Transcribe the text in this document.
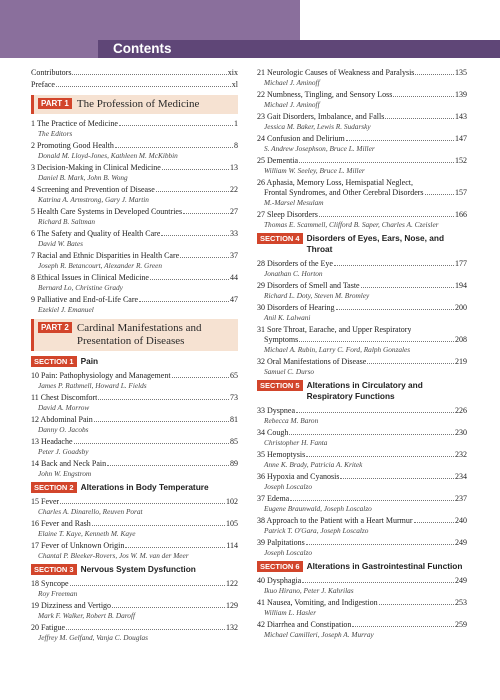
Contents
Contributors	xix
Preface	xl
PART 1 The Profession of Medicine
1 The Practice of Medicine	1
The Editors
2 Promoting Good Health	8
Donald M. Lloyd-Jones, Kathleen M. McKibbin
3 Decision-Making in Clinical Medicine	13
Daniel B. Mark, John B. Wong
4 Screening and Prevention of Disease	22
Katrina A. Armstrong, Gary J. Martin
5 Health Care Systems in Developed Countries	27
Richard B. Saltman
6 The Safety and Quality of Health Care	33
David W. Bates
7 Racial and Ethnic Disparities in Health Care	37
Joseph R. Betancourt, Alexander R. Green
8 Ethical Issues in Clinical Medicine	44
Bernard Lo, Christine Grady
9 Palliative and End-of-Life Care	47
Ezekiel J. Emanuel
PART 2 Cardinal Manifestations and Presentation of Diseases
SECTION 1 Pain
10 Pain: Pathophysiology and Management	65
James P. Rathmell, Howard L. Fields
11 Chest Discomfort	73
David A. Morrow
12 Abdominal Pain	81
Danny O. Jacobs
13 Headache	85
Peter J. Goadsby
14 Back and Neck Pain	89
John W. Engstrom
SECTION 2 Alterations in Body Temperature
15 Fever	102
Charles A. Dinarello, Reuven Porat
16 Fever and Rash	105
Elaine T. Kaye, Kenneth M. Kaye
17 Fever of Unknown Origin	114
Chantal P. Bleeker-Rovers, Jos W. M. van der Meer
SECTION 3 Nervous System Dysfunction
18 Syncope	122
Roy Freeman
19 Dizziness and Vertigo	129
Mark F. Walker, Robert B. Daroff
20 Fatigue	132
Jeffrey M. Gelfand, Vanja C. Douglas
21 Neurologic Causes of Weakness and Paralysis	135
Michael J. Aminoff
22 Numbness, Tingling, and Sensory Loss	139
Michael J. Aminoff
23 Gait Disorders, Imbalance, and Falls	143
Jessica M. Baker, Lewis R. Sudarsky
24 Confusion and Delirium	147
S. Andrew Josephson, Bruce L. Miller
25 Dementia	152
William W. Seeley, Bruce L. Miller
26 Aphasia, Memory Loss, Hemispatial Neglect,
Frontal Syndromes, and Other Cerebral Disorders	157
M.-Marsel Mesulam
27 Sleep Disorders	166
Thomas E. Scammell, Clifford B. Saper, Charles A. Czeisler
SECTION 4 Disorders of Eyes, Ears, Nose, and Throat
28 Disorders of the Eye	177
Jonathan C. Horton
29 Disorders of Smell and Taste	194
Richard L. Doty, Steven M. Bromley
30 Disorders of Hearing	200
Anil K. Lalwani
31 Sore Throat, Earache, and Upper Respiratory
Symptoms	208
Michael A. Rubin, Larry C. Ford, Ralph Gonzales
32 Oral Manifestations of Disease	219
Samuel C. Durso
SECTION 5 Alterations in Circulatory and Respiratory Functions
33 Dyspnea	226
Rebecca M. Baron
34 Cough	230
Christopher H. Fanta
35 Hemoptysis	232
Anne K. Brady, Patricia A. Kritek
36 Hypoxia and Cyanosis	234
Joseph Loscalzo
37 Edema	237
Eugene Braunwald, Joseph Loscalzo
38 Approach to the Patient with a Heart Murmur	240
Patrick T. O'Gara, Joseph Loscalzo
39 Palpitations	249
Joseph Loscalzo
SECTION 6 Alterations in Gastrointestinal Function
40 Dysphagia	249
Ikuo Hirano, Peter J. Kahrilas
41 Nausea, Vomiting, and Indigestion	253
William L. Hasler
42 Diarrhea and Constipation	259
Michael Camilleri, Joseph A. Murray
